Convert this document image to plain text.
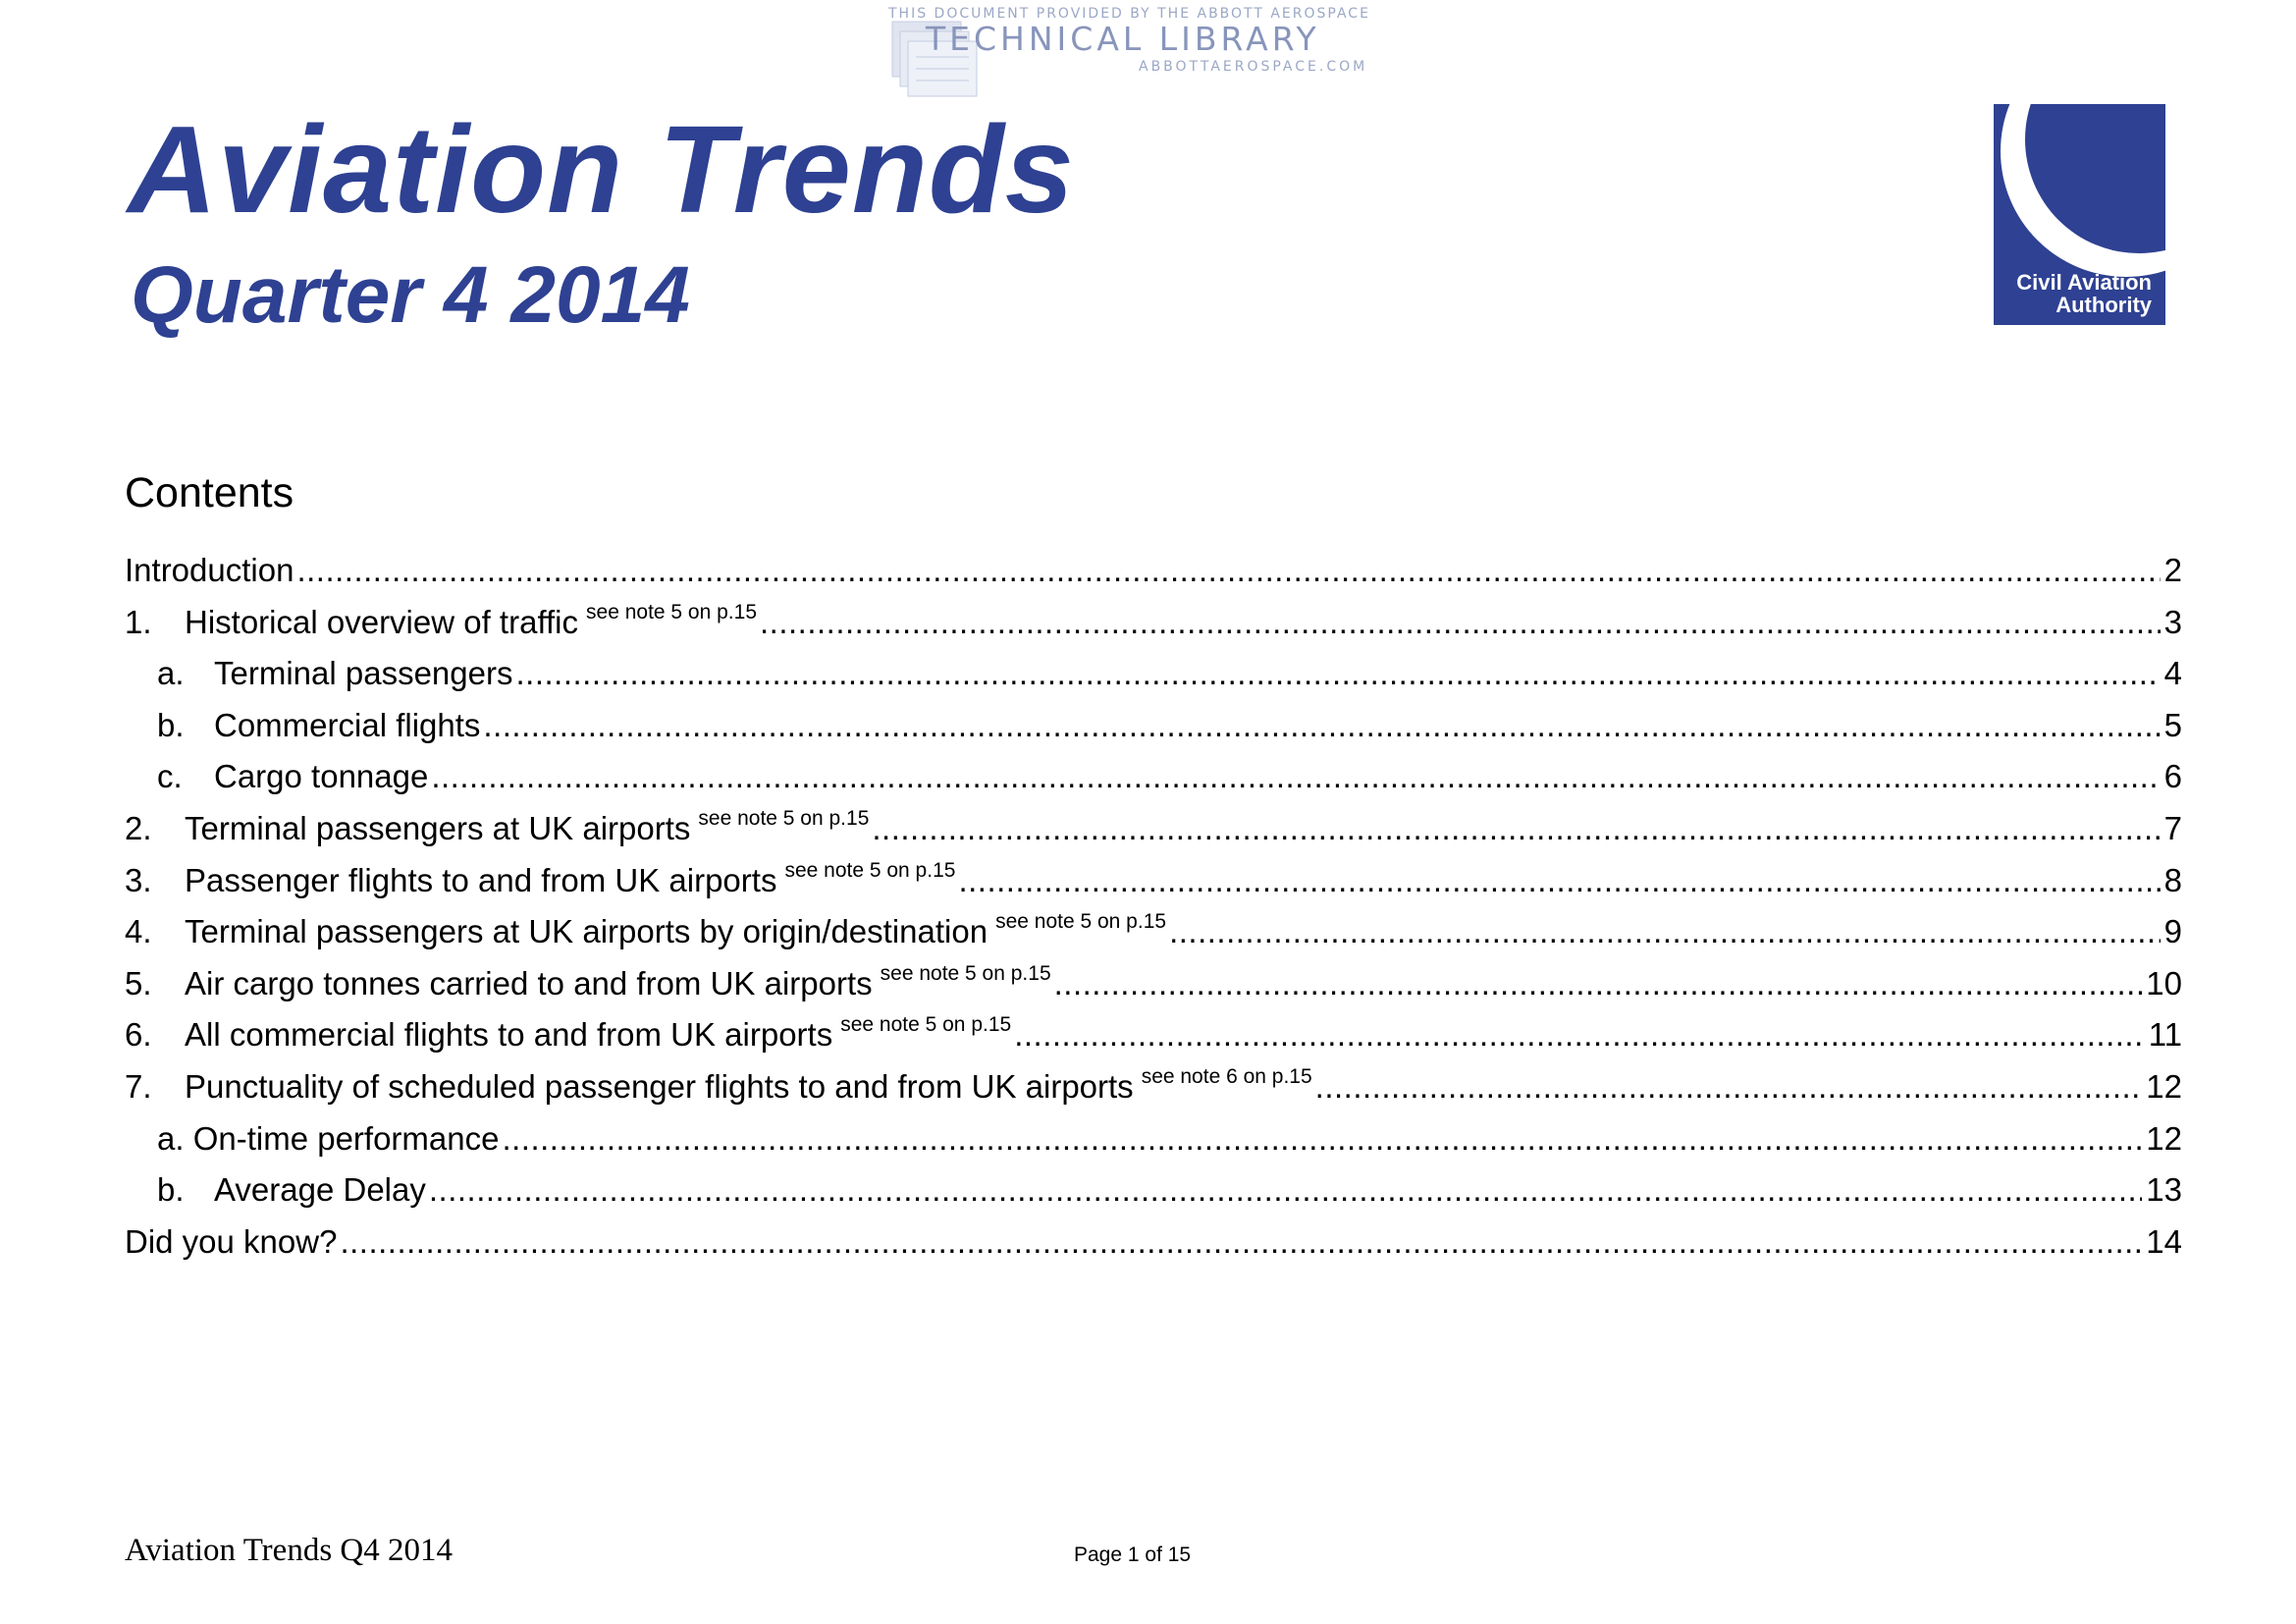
THIS DOCUMENT PROVIDED BY THE ABBOTT AEROSPACE
TECHNICAL LIBRARY
ABBOTTAEROSPACE.COM
Aviation Trends
Quarter 4 2014	Civil Aviation
Authority
Contents
Introduction .....	2
1.	Historical overview of traffic see note 5 on p.15 .....	3
a. Terminal passengers .....	4
b. Commercial flights .....	5
c. Cargo tonnage .....	6
2.	Terminal passengers at UK airports see note 5 on p.15 .....	7
3.	Passenger flights to and from UK airports see note 5 on p.15 .....	8
4.	Terminal passengers at UK airports by origin/destination see note 5 on p.15 .....	9
5.	Air cargo tonnes carried to and from UK airports see note 5 on p.15 .....	10
6.	All commercial flights to and from UK airports see note 5 on p.15 .....	11
7.	Punctuality of scheduled passenger flights to and from UK airports see note 6 on p.15 .....	12
a. On-time performance .....	12
b. Average Delay .....	13
Did you know? .....	14
Aviation Trends Q4 2014	Page 1 of 15
